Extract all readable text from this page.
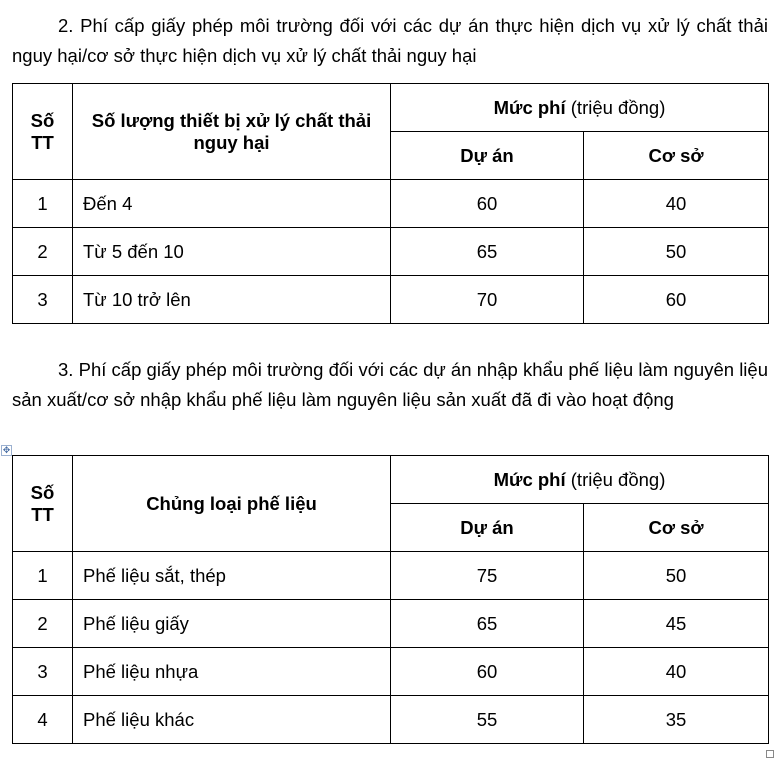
2. Phí cấp giấy phép môi trường đối với các dự án thực hiện dịch vụ xử lý chất thải nguy hại/cơ sở thực hiện dịch vụ xử lý chất thải nguy hại

Số TT	Số lượng thiết bị xử lý chất thải nguy hại	Mức phí (triệu đồng)	
		Dự án	Cơ sở
1	Đến 4	60	40
2	Từ 5 đến 10	65	50
3	Từ 10 trở lên	70	60

3. Phí cấp giấy phép môi trường đối với các dự án nhập khẩu phế liệu làm nguyên liệu sản xuất/cơ sở nhập khẩu phế liệu làm nguyên liệu sản xuất đã đi vào hoạt động

✥
Số TT	Chủng loại phế liệu	Mức phí (triệu đồng)	
		Dự án	Cơ sở
1	Phế liệu sắt, thép	75	50
2	Phế liệu giấy	65	45
3	Phế liệu nhựa	60	40
4	Phế liệu khác	55	35
